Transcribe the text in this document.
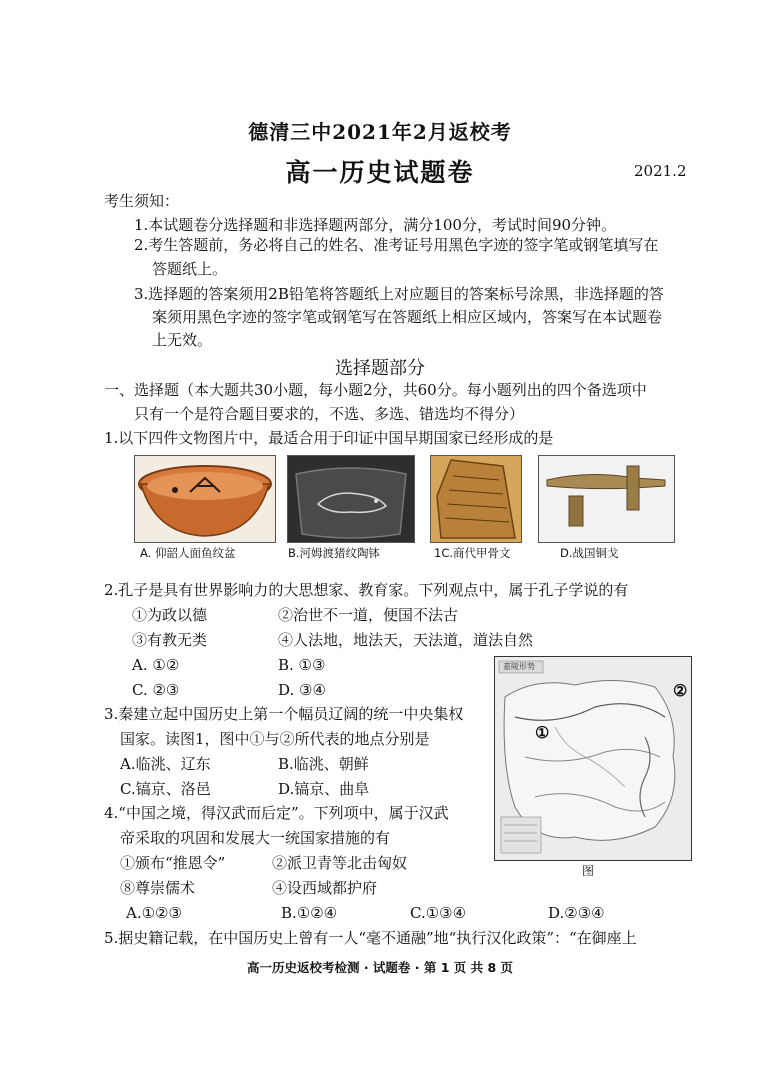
德清三中2021年2月返校考
高一历史试题卷	2021.2
考生须知：
1.本试题卷分选择题和非选择题两部分，满分100分，考试时间90分钟。
2.考生答题前，务必将自己的姓名、准考证号用黑色字迹的签字笔或钢笔填写在
答题纸上。
3.选择题的答案须用2B铅笔将答题纸上对应题目的答案标号涂黑，非选择题的答
案须用黑色字迹的签字笔或钢笔写在答题纸上相应区域内，答案写在本试题卷
上无效。
选择题部分
一、选择题（本大题共30小题，每小题2分，共60分。每小题列出的四个备选项中
只有一个是符合题目要求的，不选、多选、错选均不得分）
1.以下四件文物图片中，最适合用于印证中国早期国家已经形成的是
A. 仰韶人面鱼纹盆	B.河姆渡猪纹陶钵	1C.商代甲骨文	D.战国铜戈
2.孔子是具有世界影响力的大思想家、教育家。下列观点中，属于孔子学说的有
①为政以德	②治世不一道，便国不法古
③有教无类	④人法地，地法天，天法道，道法自然
A. ①②	B. ①③
C. ②③	D. ③④
3.秦建立起中国历史上第一个幅员辽阔的统一中央集权
国家。读图1，图中①与②所代表的地点分别是
A.临洮、辽东	B.临洮、朝鲜
C.镐京、洛邑	D.镐京、曲阜
4.“中国之境，得汉武而后定”。下列项中，属于汉武
帝采取的巩固和发展大一统国家措施的有
①颁布“推恩令”	②派卫青等北击匈奴
⑧尊崇儒术	④设西域都护府
A.①②③	B.①②④	C.①③④	D.②③④
5.据史籍记载，在中国历史上曾有一人“毫不通融”地“执行汉化政策”：“在御座上
嘉陵形势
①
②
图
高一历史返校考检测 · 试题卷 · 第 1 页 共 8 页
